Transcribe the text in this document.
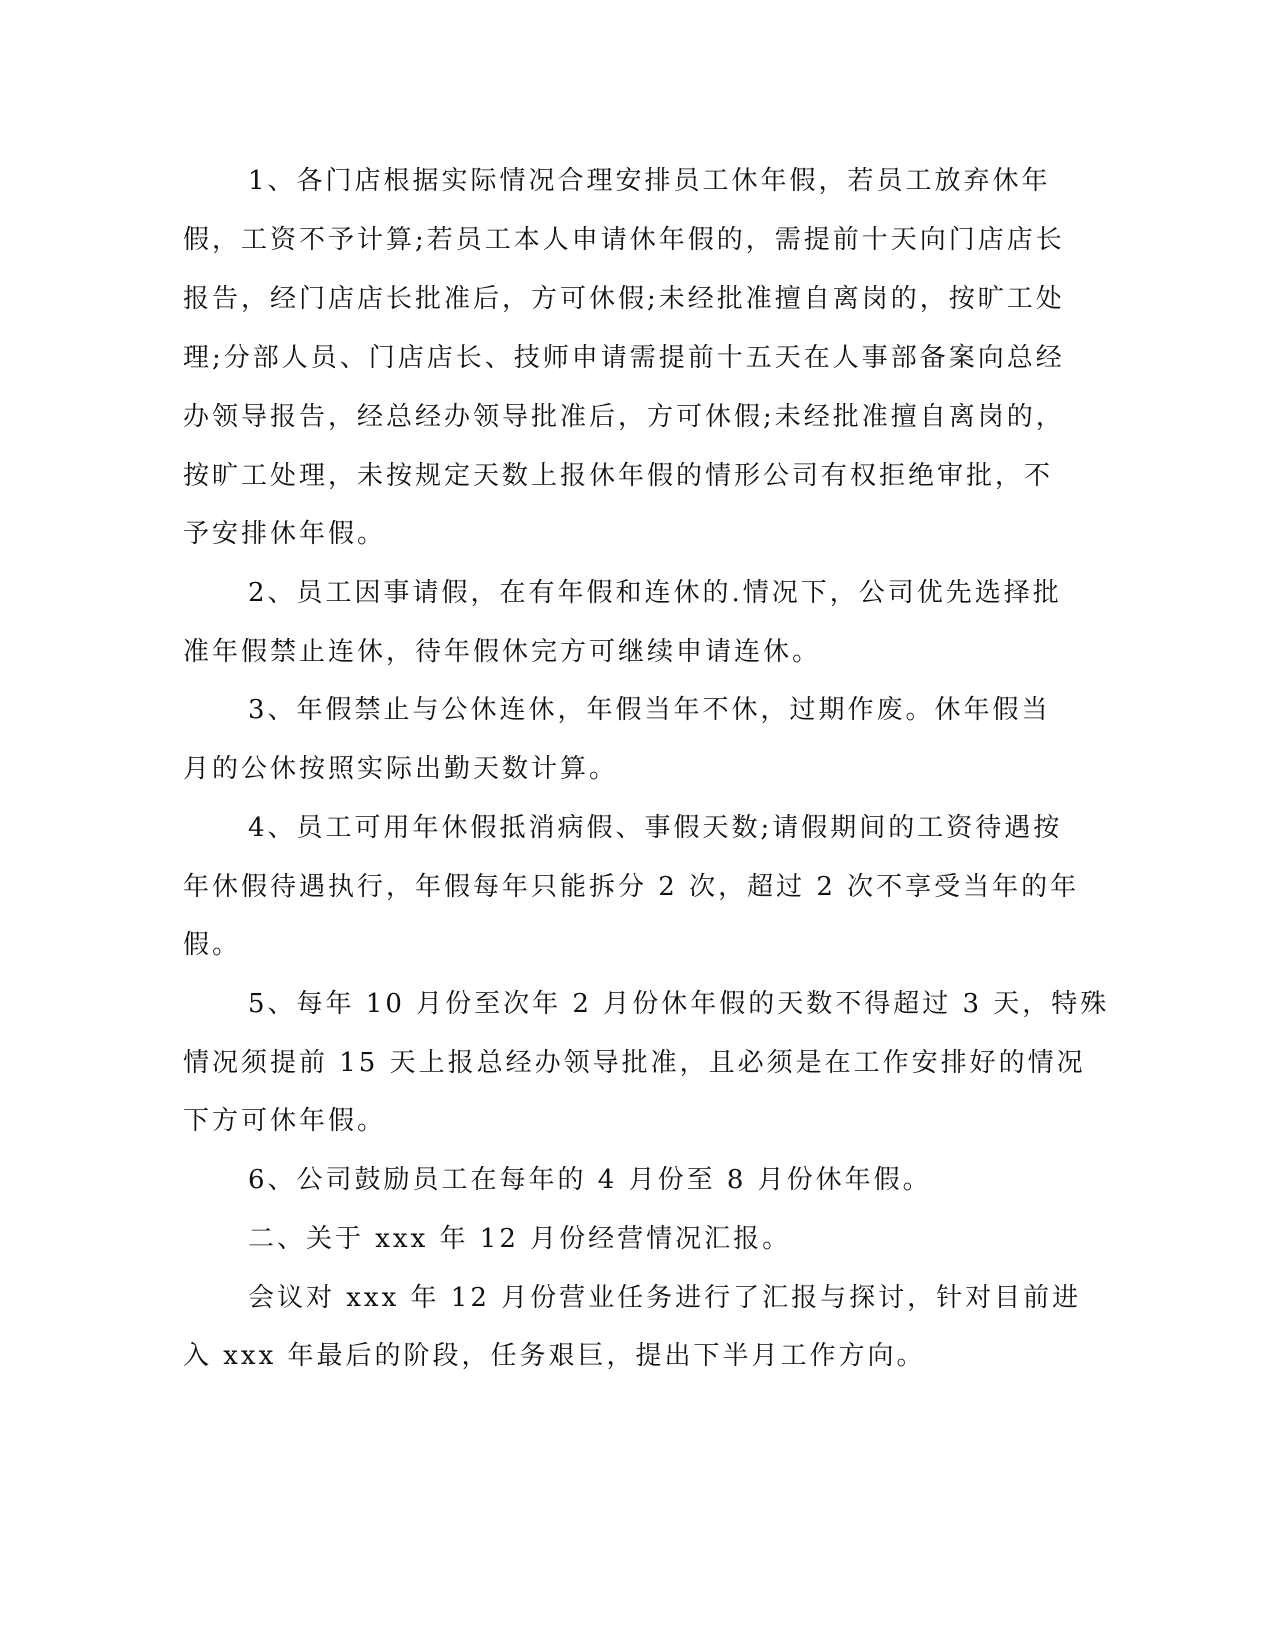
1、各门店根据实际情况合理安排员工休年假，若员工放弃休年
假，工资不予计算;若员工本人申请休年假的，需提前十天向门店店长
报告，经门店店长批准后，方可休假;未经批准擅自离岗的，按旷工处
理;分部人员、门店店长、技师申请需提前十五天在人事部备案向总经
办领导报告，经总经办领导批准后，方可休假;未经批准擅自离岗的，
按旷工处理，未按规定天数上报休年假的情形公司有权拒绝审批，不
予安排休年假。
2、员工因事请假，在有年假和连休的.情况下，公司优先选择批
准年假禁止连休，待年假休完方可继续申请连休。
3、年假禁止与公休连休，年假当年不休，过期作废。休年假当
月的公休按照实际出勤天数计算。
4、员工可用年休假抵消病假、事假天数;请假期间的工资待遇按
年休假待遇执行，年假每年只能拆分 2 次，超过 2 次不享受当年的年
假。
5、每年 10 月份至次年 2 月份休年假的天数不得超过 3 天，特殊
情况须提前 15 天上报总经办领导批准，且必须是在工作安排好的情况
下方可休年假。
6、公司鼓励员工在每年的 4 月份至 8 月份休年假。
二、关于 xxx 年 12 月份经营情况汇报。
会议对 xxx 年 12 月份营业任务进行了汇报与探讨，针对目前进
入 xxx 年最后的阶段，任务艰巨，提出下半月工作方向。
